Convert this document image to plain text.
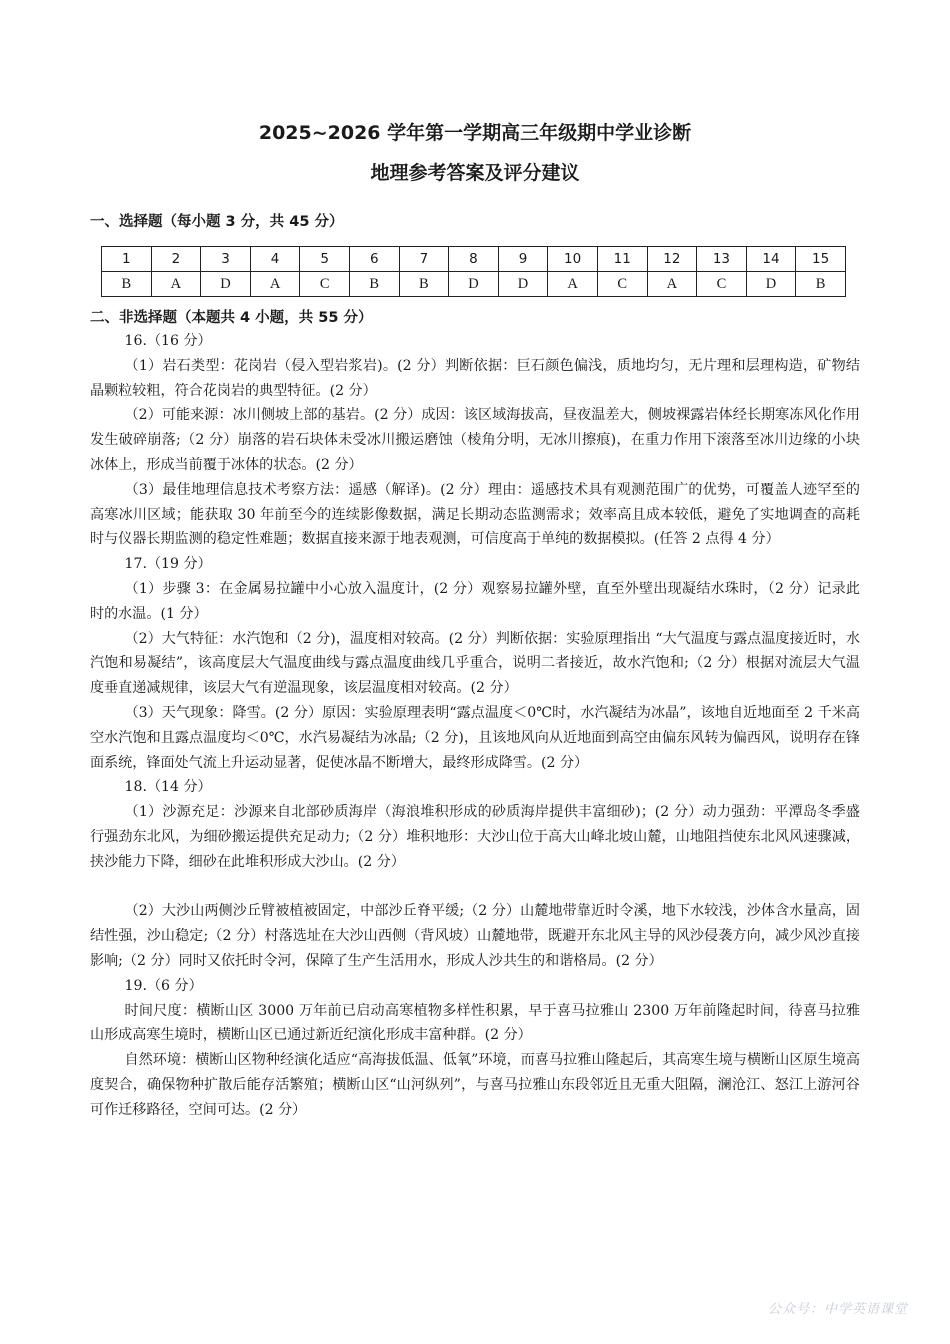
2025~2026 学年第一学期高三年级期中学业诊断
地理参考答案及评分建议
一、选择题（每小题 3 分，共 45 分）
1	2	3	4	5	6	7	8	9	10	11	12	13	14	15
B	A	D	A	C	B	B	D	D	A	C	A	C	D	B
二、非选择题（本题共 4 小题，共 55 分）
16.（16 分）

（1）岩石类型：花岗岩（侵入型岩浆岩)。(2 分）判断依据：巨石颜色偏浅，质地均匀，无片理和层理构造，矿物结晶颗粒较粗，符合花岗岩的典型特征。(2 分）

（2）可能来源：冰川侧坡上部的基岩。(2 分）成因：该区域海拔高，昼夜温差大，侧坡裸露岩体经长期寒冻风化作用发生破碎崩落;（2 分）崩落的岩石块体未受冰川搬运磨蚀（棱角分明，无冰川擦痕)，在重力作用下滚落至冰川边缘的小块冰体上，形成当前覆于冰体的状态。(2 分）

（3）最佳地理信息技术考察方法：遥感（解译)。(2 分）理由：遥感技术具有观测范围广的优势，可覆盖人迹罕至的高寒冰川区域；能获取 30 年前至今的连续影像数据，满足长期动态监测需求；效率高且成本较低，避免了实地调查的高耗时与仪器长期监测的稳定性难题；数据直接来源于地表观测，可信度高于单纯的数据模拟。(任答 2 点得 4 分）

17.（19 分）

（1）步骤 3：在金属易拉罐中小心放入温度计，(2 分）观察易拉罐外壁，直至外壁出现凝结水珠时，（2 分）记录此时的水温。(1 分）

（2）大气特征：水汽饱和（2 分)，温度相对较高。(2 分）判断依据：实验原理指出 “大气温度与露点温度接近时，水汽饱和易凝结”，该高度层大气温度曲线与露点温度曲线几乎重合，说明二者接近，故水汽饱和;（2 分）根据对流层大气温度垂直递减规律，该层大气有逆温现象，该层温度相对较高。(2 分）

（3）天气现象：降雪。(2 分）原因：实验原理表明“露点温度＜0℃时，水汽凝结为冰晶”，该地自近地面至 2 千米高空水汽饱和且露点温度均＜0℃，水汽易凝结为冰晶;（2 分)，且该地风向从近地面到高空由偏东风转为偏西风，说明存在锋面系统，锋面处气流上升运动显著，促使冰晶不断增大，最终形成降雪。(2 分）

18.（14 分）

（1）沙源充足：沙源来自北部砂质海岸（海浪堆积形成的砂质海岸提供丰富细砂)；(2 分）动力强劲：平潭岛冬季盛行强劲东北风，为细砂搬运提供充足动力;（2 分）堆积地形：大沙山位于高大山峰北坡山麓，山地阻挡使东北风风速骤减，挟沙能力下降，细砂在此堆积形成大沙山。(2 分）

（2）大沙山两侧沙丘臂被植被固定，中部沙丘脊平缓;（2 分）山麓地带靠近时令溪，地下水较浅，沙体含水量高，固结性强，沙山稳定;（2 分）村落选址在大沙山西侧（背风坡）山麓地带，既避开东北风主导的风沙侵袭方向，减少风沙直接影响;（2 分）同时又依托时令河，保障了生产生活用水，形成人沙共生的和谐格局。(2 分）

19.（6 分）

时间尺度：横断山区 3000 万年前已启动高寒植物多样性积累，早于喜马拉雅山 2300 万年前隆起时间，待喜马拉雅山形成高寒生境时，横断山区已通过新近纪演化形成丰富种群。(2 分）

自然环境：横断山区物种经演化适应“高海拔低温、低氧”环境，而喜马拉雅山隆起后，其高寒生境与横断山区原生境高度契合，确保物种扩散后能存活繁殖；横断山区“山河纵列”，与喜马拉雅山东段邻近且无重大阻隔，澜沧江、怒江上游河谷可作迁移路径，空间可达。(2 分）

公众号：中学英语课堂
